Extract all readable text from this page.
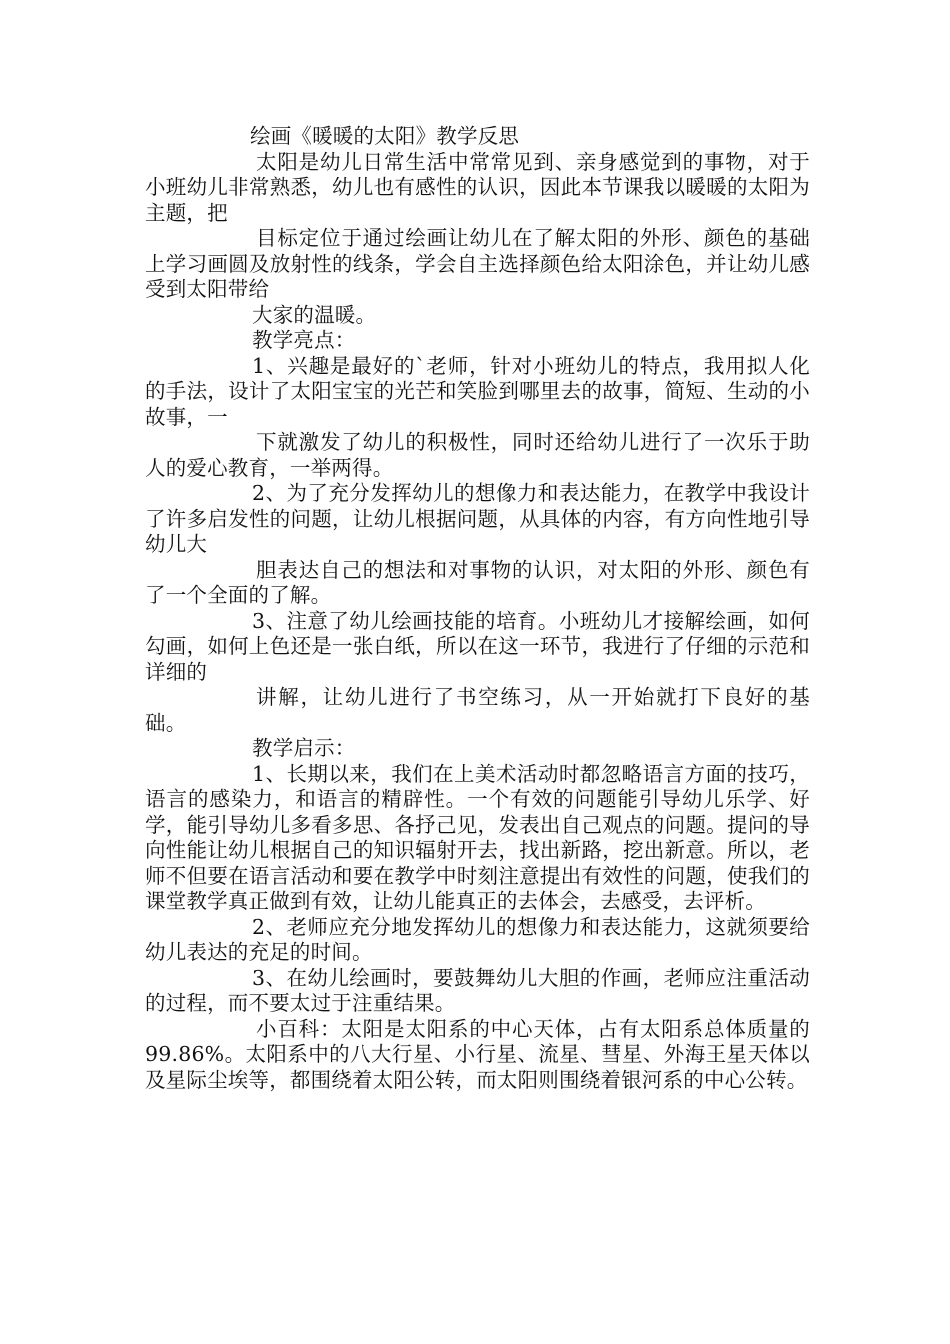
绘画《暖暖的太阳》教学反思

太阳是幼儿日常生活中常常见到、亲身感觉到的事物，对于小班幼儿非常熟悉，幼儿也有感性的认识，因此本节课我以暖暖的太阳为主题，把

目标定位于通过绘画让幼儿在了解太阳的外形、颜色的基础上学习画圆及放射性的线条，学会自主选择颜色给太阳涂色，并让幼儿感受到太阳带给

大家的温暖。

教学亮点：

1、兴趣是最好的`老师，针对小班幼儿的特点，我用拟人化的手法，设计了太阳宝宝的光芒和笑脸到哪里去的故事，简短、生动的小故事，一

下就激发了幼儿的积极性，同时还给幼儿进行了一次乐于助人的爱心教育，一举两得。

2、为了充分发挥幼儿的想像力和表达能力，在教学中我设计了许多启发性的问题，让幼儿根据问题，从具体的内容，有方向性地引导幼儿大

胆表达自己的想法和对事物的认识，对太阳的外形、颜色有了一个全面的了解。

3、注意了幼儿绘画技能的培育。小班幼儿才接解绘画，如何勾画，如何上色还是一张白纸，所以在这一环节，我进行了仔细的示范和详细的

讲解，让幼儿进行了书空练习，从一开始就打下良好的基础。

教学启示：

1、长期以来，我们在上美术活动时都忽略语言方面的技巧，语言的感染力，和语言的精辟性。一个有效的问题能引导幼儿乐学、好学，能引导幼儿多看多思、各抒己见，发表出自己观点的问题。提问的导向性能让幼儿根据自己的知识辐射开去，找出新路，挖出新意。所以，老师不但要在语言活动和要在教学中时刻注意提出有效性的问题，使我们的课堂教学真正做到有效，让幼儿能真正的去体会，去感受，去评析。

2、老师应充分地发挥幼儿的想像力和表达能力，这就须要给幼儿表达的充足的时间。

3、在幼儿绘画时，要鼓舞幼儿大胆的作画，老师应注重活动的过程，而不要太过于注重结果。

小百科：太阳是太阳系的中心天体，占有太阳系总体质量的99.86%。太阳系中的八大行星、小行星、流星、彗星、外海王星天体以及星际尘埃等，都围绕着太阳公转，而太阳则围绕着银河系的中心公转。
